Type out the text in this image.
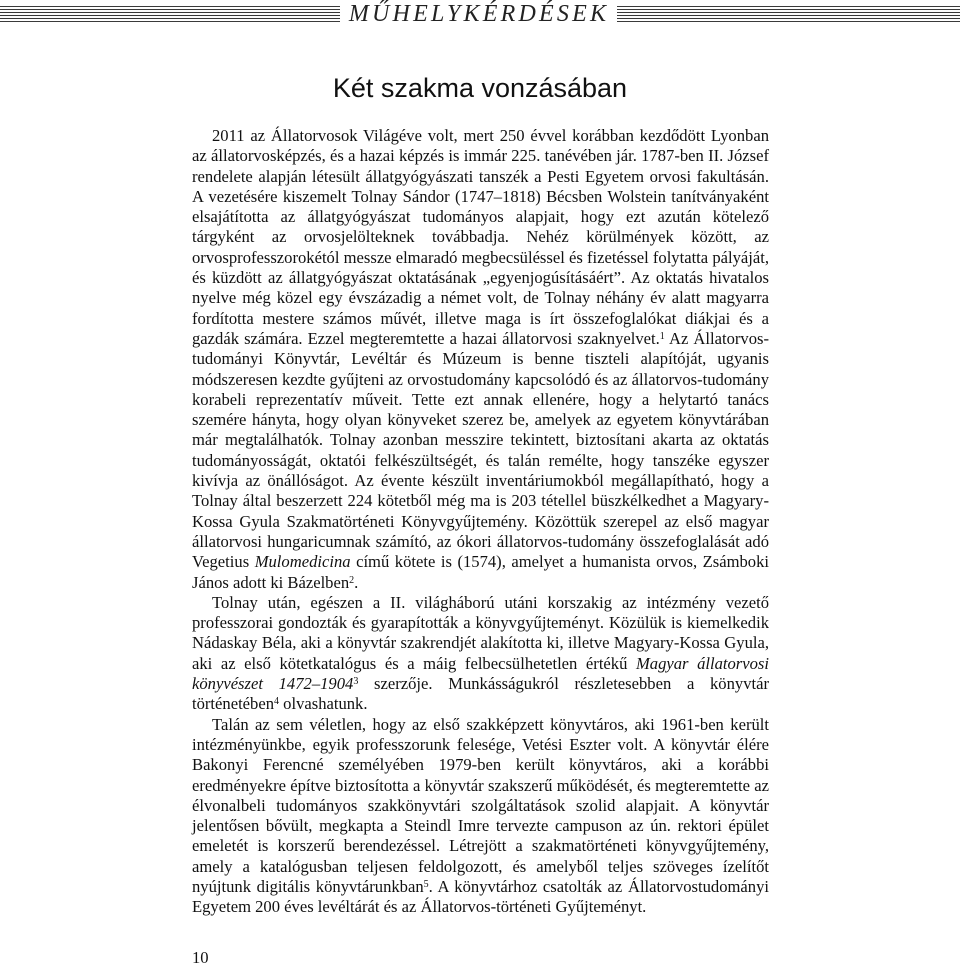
MŰHELYKÉRDÉSEK
Két szakma vonzásában

2011 az Állatorvosok Világéve volt, mert 250 évvel korábban kezdődött Lyonban az állatorvosképzés, és a hazai képzés is immár 225. tanévében jár. 1787-ben II. József rendelete alapján létesült állatgyógyászati tanszék a Pesti Egyetem orvosi fakultásán. A vezetésére kiszemelt Tolnay Sándor (1747–1818) Bécsben Wolstein tanítványaként elsajátította az állatgyógyászat tudományos alapjait, hogy ezt azután kötelező tárgyként az orvosjelölteknek továbbadja. Nehéz körülmények között, az orvosprofesszorokétól messze elmaradó megbecsüléssel és fizetéssel folytatta pályáját, és küzdött az állatgyógyászat oktatásának „egyenjogúsításáért”. Az oktatás hivatalos nyelve még közel egy évszázadig a német volt, de Tolnay néhány év alatt magyarra fordította mestere számos művét, illetve maga is írt összefoglalókat diákjai és a gazdák számára. Ezzel megteremtette a hazai állatorvosi szaknyelvet.$^1$ Az Állatorvos-tudományi Könyvtár, Levéltár és Múzeum is benne tiszteli alapítóját, ugyanis módszeresen kezdte gyűjteni az orvostudomány kapcsolódó és az állatorvos-tudomány korabeli reprezentatív műveit. Tette ezt annak ellenére, hogy a helytartó tanács szemére hányta, hogy olyan könyveket szerez be, amelyek az egyetem könyvtárában már megtalálhatók. Tolnay azonban messzire tekintett, biztosítani akarta az oktatás tudományosságát, oktatói felkészültségét, és talán remélte, hogy tanszéke egyszer kivívja az önállóságot. Az évente készült inventáriumokból megállapítható, hogy a Tolnay által beszerzett 224 kötetből még ma is 203 tétellel büszkélkedhet a Magyary-Kossa Gyula Szakmatörténeti Könyvgyűjtemény. Közöttük szerepel az első magyar állatorvosi hungaricumnak számító, az ókori állatorvos-tudomány összefoglalását adó Vegetius Mulomedicina című kötete is (1574), amelyet a humanista orvos, Zsámboki János adott ki Bázelben$^2$.

Tolnay után, egészen a II. világháború utáni korszakig az intézmény vezető professzorai gondozták és gyarapították a könyvgyűjteményt. Közülük is kiemelkedik Nádaskay Béla, aki a könyvtár szakrendjét alakította ki, illetve Magyary-Kossa Gyula, aki az első kötetkatalógus és a máig felbecsülhetetlen értékű Magyar állatorvosi könyvészet 1472–1904$^3$ szerzője. Munkásságukról részletesebben a könyvtár történetében$^4$ olvashatunk.

Talán az sem véletlen, hogy az első szakképzett könyvtáros, aki 1961-ben került intézményünkbe, egyik professzorunk felesége, Vetési Eszter volt. A könyvtár élére Bakonyi Ferencné személyében 1979-ben került könyvtáros, aki a korábbi eredményekre építve biztosította a könyvtár szakszerű működését, és megteremtette az élvonalbeli tudományos szakkönyvtári szolgáltatások szolid alapjait. A könyvtár jelentősen bővült, megkapta a Steindl Imre tervezte campuson az ún. rektori épület emeletét is korszerű berendezéssel. Létrejött a szakmatörténeti könyvgyűjtemény, amely a katalógusban teljesen feldolgozott, és amelyből teljes szöveges ízelítőt nyújtunk digitális könyvtárunkban$^5$. A könyvtárhoz csatolták az Állatorvostudományi Egyetem 200 éves levéltárát és az Állatorvos-történeti Gyűjteményt.

10
